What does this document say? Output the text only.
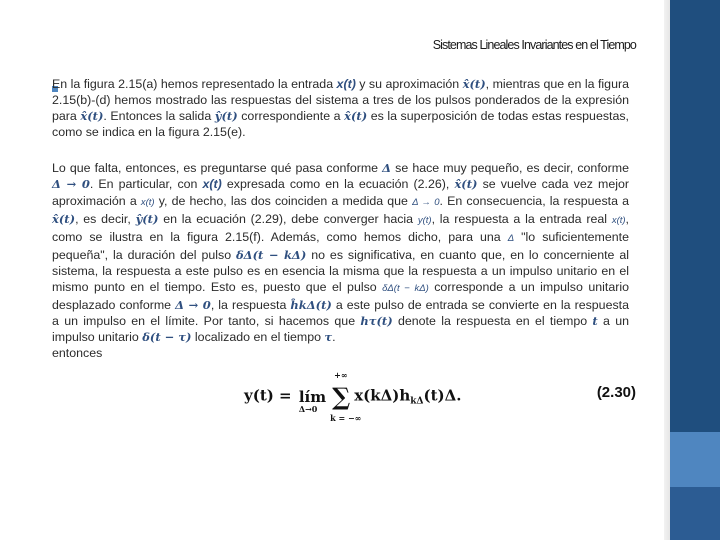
Sistemas Lineales Invariantes en el Tiempo

En la figura 2.15(a) hemos representado la entrada x(t) y su aproximación x̂(t), mientras que en la figura 2.15(b)-(d) hemos mostrado las respuestas del sistema a tres de los pulsos ponderados de la expresión para x̂(t). Entonces la salida ŷ(t) correspondiente a x̂(t) es la superposición de todas estas respuestas, como se indica en la figura 2.15(e).

Lo que falta, entonces, es preguntarse qué pasa conforme Δ se hace muy pequeño, es decir, conforme Δ → 0. En particular, con x(t) expresada como en la ecuación (2.26), x̂(t) se vuelve cada vez mejor aproximación a x(t) y, de hecho, las dos coinciden a medida que Δ → 0. En consecuencia, la respuesta a x̂(t), es decir, ŷ(t) en la ecuación (2.29), debe converger hacia y(t), la respuesta a la entrada real x(t), como se ilustra en la figura 2.15(f). Además, como hemos dicho, para una Δ "lo suficientemente pequeña", la duración del pulso δΔ(t − kΔ) no es significativa, en cuanto que, en lo concerniente al sistema, la respuesta a este pulso es en esencia la misma que la respuesta a un impulso unitario en el mismo punto en el tiempo. Esto es, puesto que el pulso δΔ(t − kΔ) corresponde a un impulso unitario desplazado conforme Δ → 0, la respuesta ĥkΔ(t) a este pulso de entrada se convierte en la respuesta a un impulso en el límite. Por tanto, si hacemos que hτ(t) denote la respuesta en el tiempo t a un impulso unitario δ(t − τ) localizado en el tiempo τ.
entonces

y(t) = lím
Δ→0 ∑
+∞
k = −∞
$x(k\Delta)h_{k\Delta}(t)\Delta$.	(2.30)
